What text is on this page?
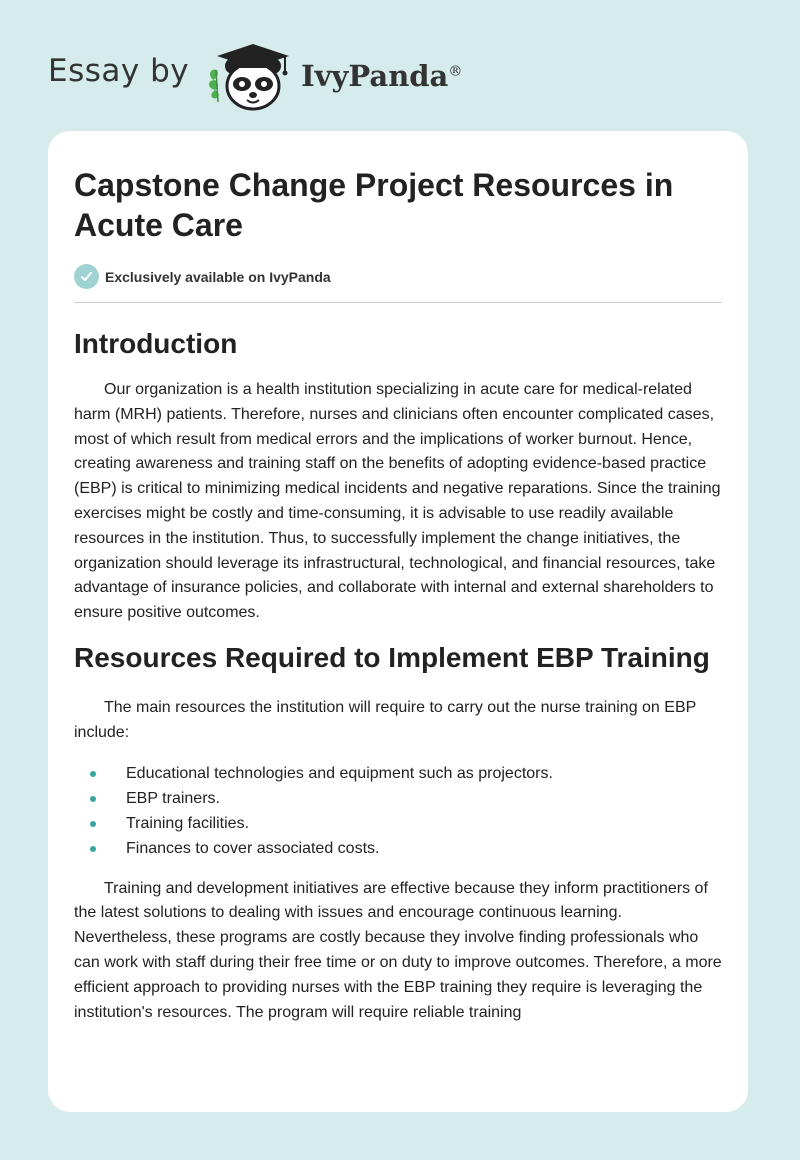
Essay by	IvyPanda®
Capstone Change Project Resources in Acute Care
Exclusively available on IvyPanda
Introduction

Our organization is a health institution specializing in acute care for medical-related harm (MRH) patients. Therefore, nurses and clinicians often encounter complicated cases, most of which result from medical errors and the implications of worker burnout. Hence, creating awareness and training staff on the benefits of adopting evidence-based practice (EBP) is critical to minimizing medical incidents and negative reparations. Since the training exercises might be costly and time-consuming, it is advisable to use readily available resources in the institution. Thus, to successfully implement the change initiatives, the organization should leverage its infrastructural, technological, and financial resources, take advantage of insurance policies, and collaborate with internal and external shareholders to ensure positive outcomes.

Resources Required to Implement EBP Training

The main resources the institution will require to carry out the nurse training on EBP include:

Educational technologies and equipment such as projectors.
EBP trainers.
Training facilities.
Finances to cover associated costs.

Training and development initiatives are effective because they inform practitioners of the latest solutions to dealing with issues and encourage continuous learning. Nevertheless, these programs are costly because they involve finding professionals who can work with staff during their free time or on duty to improve outcomes. Therefore, a more efficient approach to providing nurses with the EBP training they require is leveraging the institution's resources. The program will require reliable training
